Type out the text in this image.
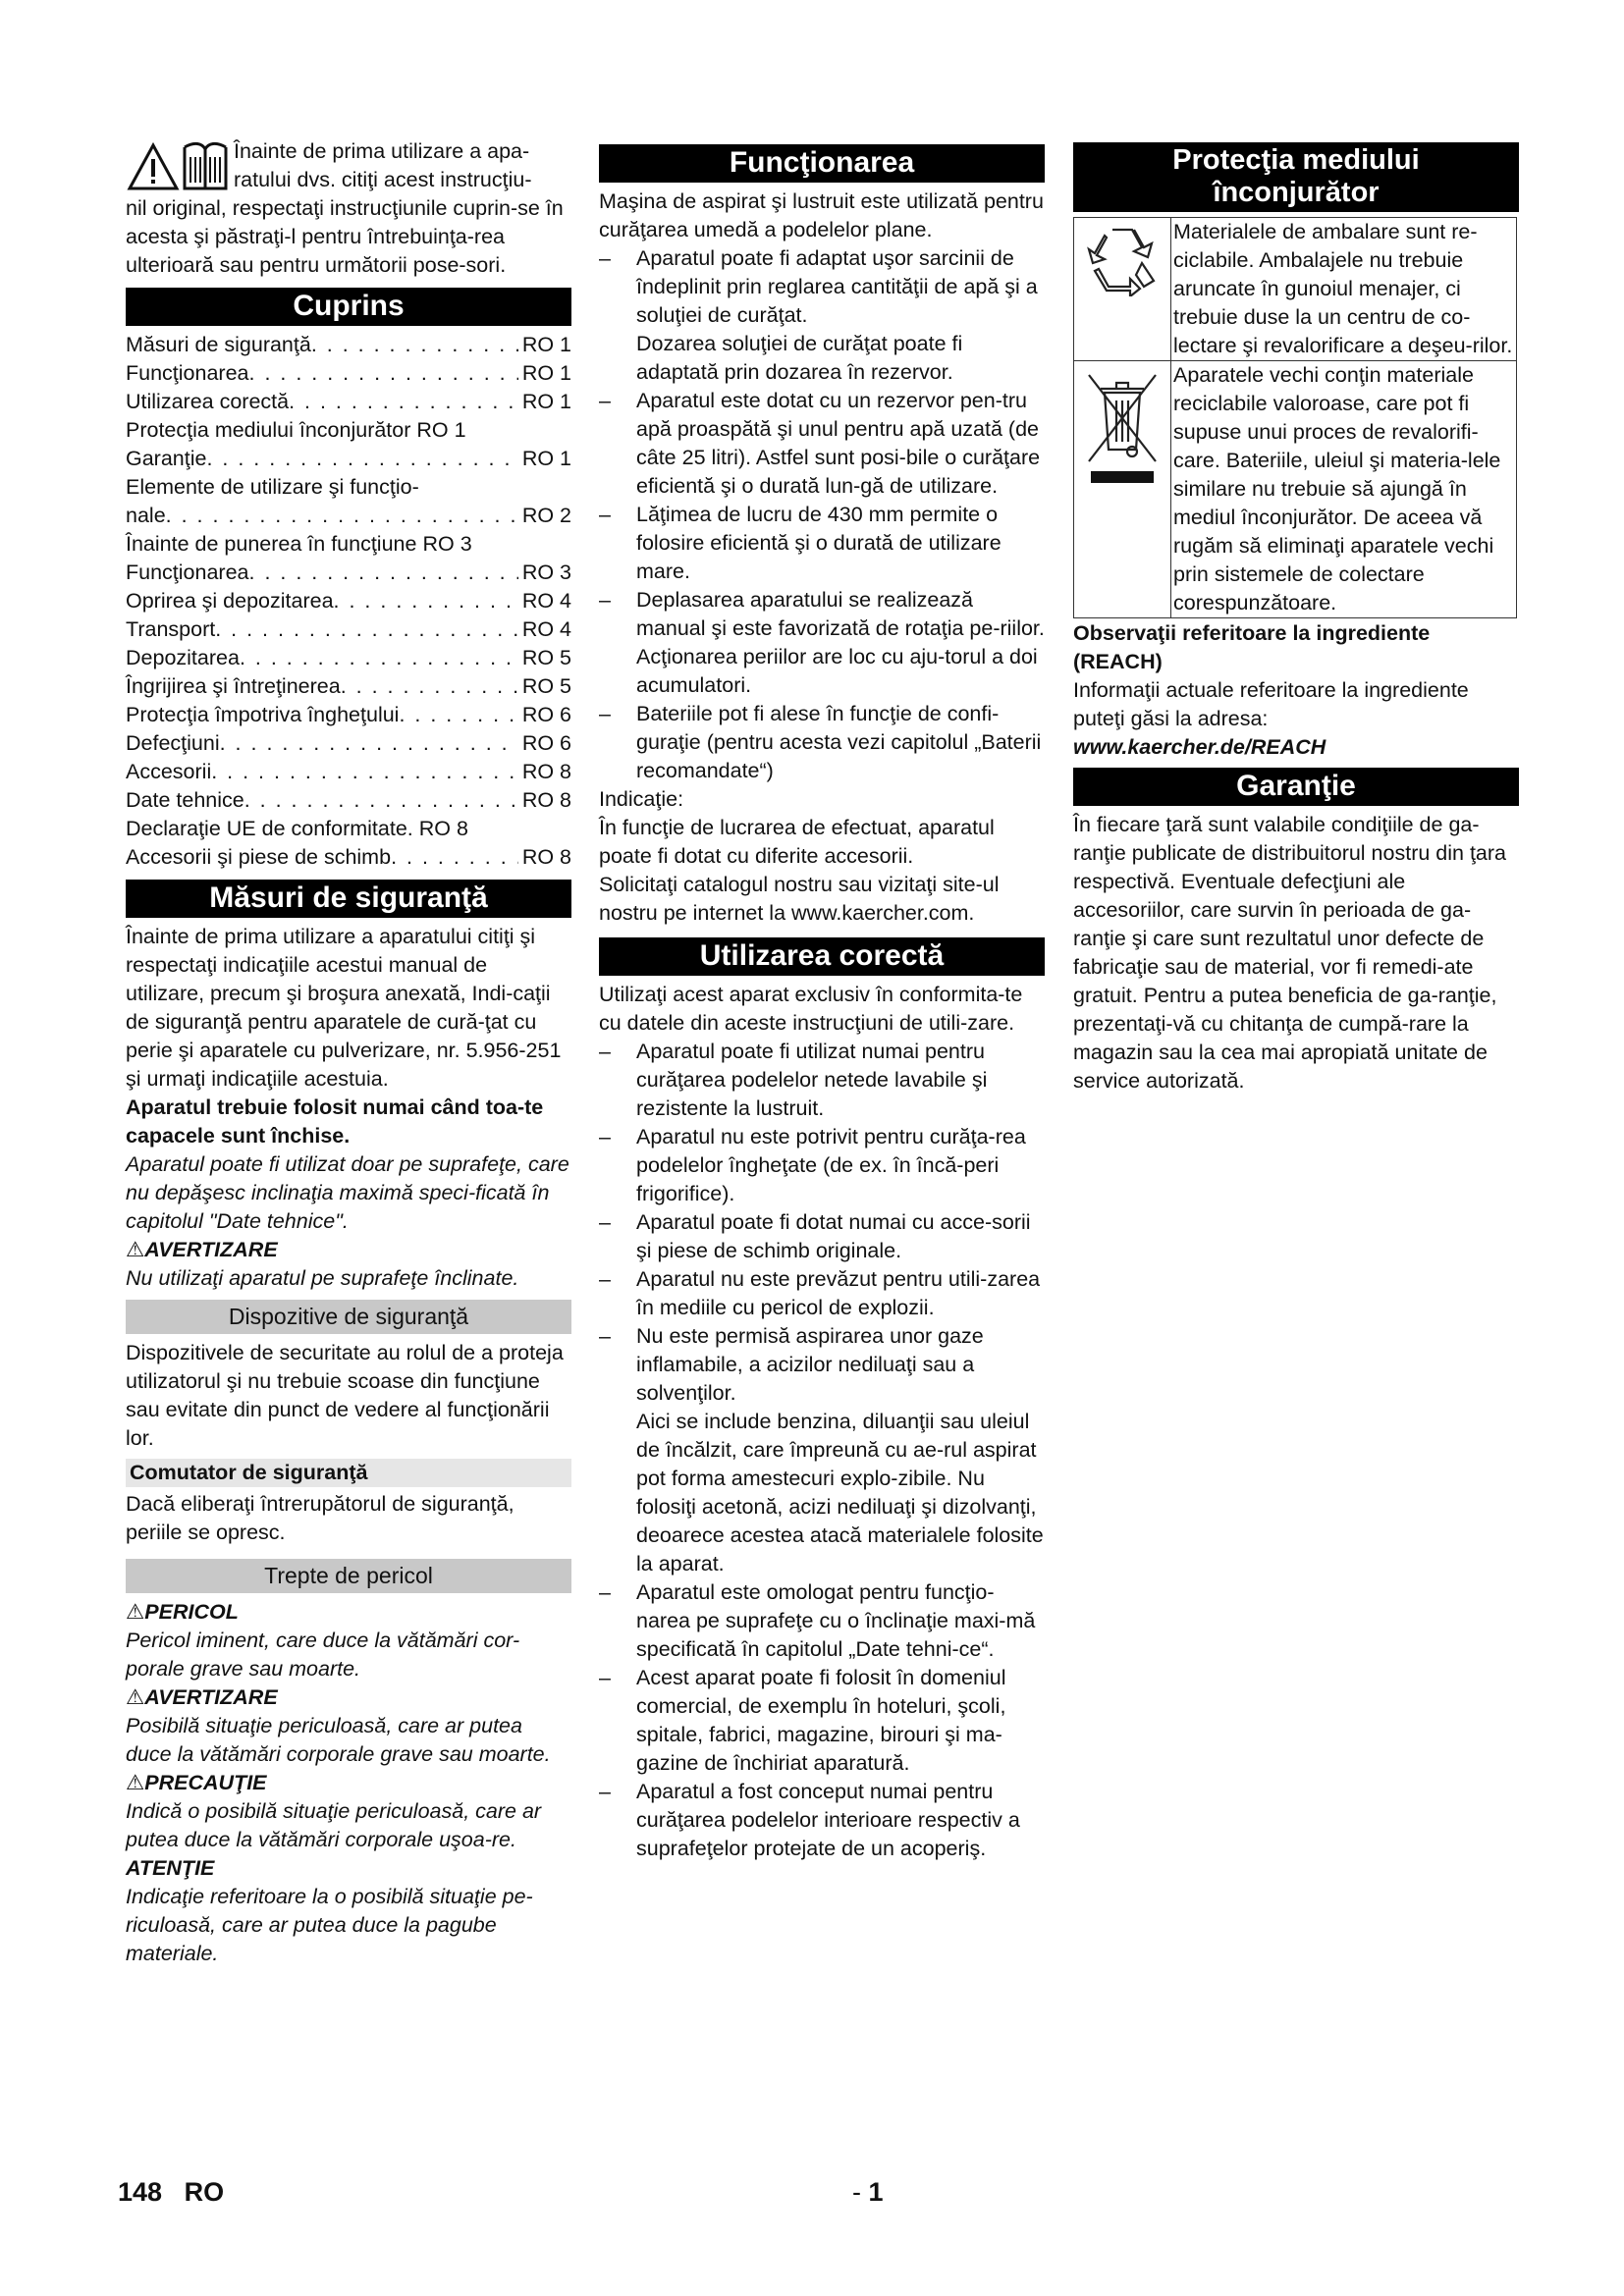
Înainte de prima utilizare a apa-

ratului dvs. citiţi acest instrucţiu-

nil original, respectaţi instrucţiunile cuprin-se în acesta şi păstraţi-l pentru întrebuinţa-rea ulterioară sau pentru următorii pose-sori.

Cuprins
Măsuri de siguranţă . . .	RO 1
Funcţionarea . . .	RO 1
Utilizarea corectă . . .	RO 1
Protecţia mediului înconjurător RO 1
Garanţie . . .	RO 1
Elemente de utilizare şi funcţio-
nale . . .	RO 2
Înainte de punerea în funcţiune RO 3
Funcţionarea . . .	RO 3
Oprirea şi depozitarea . . .	RO 4
Transport . . .	RO 4
Depozitarea . . .	RO 5
Îngrijirea şi întreţinerea . . .	RO 5
Protecţia împotriva îngheţului . . .	RO 6
Defecţiuni . . .	RO 6
Accesorii . . .	RO 8
Date tehnice . . .	RO 8
Declaraţie UE de conformitate. RO 8
Accesorii şi piese de schimb . . .	RO 8
Măsuri de siguranţă

Înainte de prima utilizare a aparatului citiţi şi respectaţi indicaţiile acestui manual de utilizare, precum şi broşura anexată, Indi-caţii de siguranţă pentru aparatele de cură-ţat cu perie şi aparatele cu pulverizare, nr. 5.956-251 şi urmaţi indicaţiile acestuia.

Aparatul trebuie folosit numai când toa-te capacele sunt închise.

Aparatul poate fi utilizat doar pe suprafeţe, care nu depăşesc inclinaţia maximă speci-ficată în capitolul "Date tehnice".

⚠AVERTIZARE

Nu utilizaţi aparatul pe suprafeţe înclinate.

Dispozitive de siguranţă

Dispozitivele de securitate au rolul de a proteja utilizatorul şi nu trebuie scoase din funcţiune sau evitate din punct de vedere al funcţionării lor.

Comutator de siguranţă

Dacă eliberaţi întrerupătorul de siguranţă, periile se opresc.

Trepte de pericol

⚠PERICOL

Pericol iminent, care duce la vătămări cor-porale grave sau moarte.

⚠AVERTIZARE

Posibilă situaţie periculoasă, care ar putea duce la vătămări corporale grave sau moarte.

⚠PRECAUŢIE

Indică o posibilă situaţie periculoasă, care ar putea duce la vătămări corporale uşoa-re.

ATENŢIE

Indicaţie referitoare la o posibilă situaţie pe-riculoasă, care ar putea duce la pagube materiale.

Funcţionarea

Maşina de aspirat şi lustruit este utilizată pentru curăţarea umedă a podelelor plane.

– Aparatul poate fi adaptat uşor sarcinii de îndeplinit prin reglarea cantităţii de apă şi a soluţiei de curăţat.
Dozarea soluţiei de curăţat poate fi adaptată prin dozarea în rezervor.
– Aparatul este dotat cu un rezervor pen-tru apă proaspătă şi unul pentru apă uzată (de câte 25 litri). Astfel sunt posi-bile o curăţare eficientă şi o durată lun-gă de utilizare.
– Lăţimea de lucru de 430 mm permite o folosire eficientă şi o durată de utilizare mare.
– Deplasarea aparatului se realizează manual şi este favorizată de rotaţia pe-riilor. Acţionarea periilor are loc cu aju-torul a doi acumulatori.
– Bateriile pot fi alese în funcţie de confi-guraţie (pentru acesta vezi capitolul „Baterii recomandate“)

Indicaţie:

În funcţie de lucrarea de efectuat, aparatul poate fi dotat cu diferite accesorii.

Solicitaţi catalogul nostru sau vizitaţi site-ul nostru pe internet la www.kaercher.com.

Utilizarea corectă

Utilizaţi acest aparat exclusiv în conformita-te cu datele din aceste instrucţiuni de utili-zare.

– Aparatul poate fi utilizat numai pentru curăţarea podelelor netede lavabile şi rezistente la lustruit.
– Aparatul nu este potrivit pentru curăţa-rea podelelor îngheţate (de ex. în încă-peri frigorifice).
– Aparatul poate fi dotat numai cu acce-sorii şi piese de schimb originale.
– Aparatul nu este prevăzut pentru utili-zarea în mediile cu pericol de explozii.
– Nu este permisă aspirarea unor gaze inflamabile, a acizilor nediluaţi sau a solvenţilor.
Aici se include benzina, diluanţii sau uleiul de încălzit, care împreună cu ae-rul aspirat pot forma amestecuri explo-zibile. Nu folosiţi acetonă, acizi nediluaţi şi dizolvanţi, deoarece acestea atacă materialele folosite la aparat.
– Aparatul este omologat pentru funcţio-narea pe suprafeţe cu o înclinaţie maxi-mă specificată în capitolul „Date tehni-ce“.
– Acest aparat poate fi folosit în domeniul comercial, de exemplu în hoteluri, şcoli, spitale, fabrici, magazine, birouri şi ma-gazine de închiriat aparatură.
– Aparatul a fost conceput numai pentru curăţarea podelelor interioare respectiv a suprafeţelor protejate de un acoperiş.
Protecţia mediului
înconjurător
	Materialele de ambalare sunt re-ciclabile. Ambalajele nu trebuie aruncate în gunoiul menajer, ci trebuie duse la un centru de co-lectare şi revalorificare a deşeu-rilor.
	Aparatele vechi conţin materiale reciclabile valoroase, care pot fi supuse unui proces de revalorifi-care. Bateriile, uleiul şi materia-lele similare nu trebuie să ajungă în mediul înconjurător. De aceea vă rugăm să eliminaţi aparatele vechi prin sistemele de colectare corespunzătoare.

Observaţii referitoare la ingrediente (REACH)

Informaţii actuale referitoare la ingrediente puteţi găsi la adresa:

www.kaercher.de/REACH

Garanţie

În fiecare ţară sunt valabile condiţiile de ga-ranţie publicate de distribuitorul nostru din ţara respectivă. Eventuale defecţiuni ale accesoriilor, care survin în perioada de ga-ranţie şi care sunt rezultatul unor defecte de fabricaţie sau de material, vor fi remedi-ate gratuit. Pentru a putea beneficia de ga-ranţie, prezentaţi-vă cu chitanţa de cumpă-rare la magazin sau la cea mai apropiată unitate de service autorizată.

148 RO	- 1
